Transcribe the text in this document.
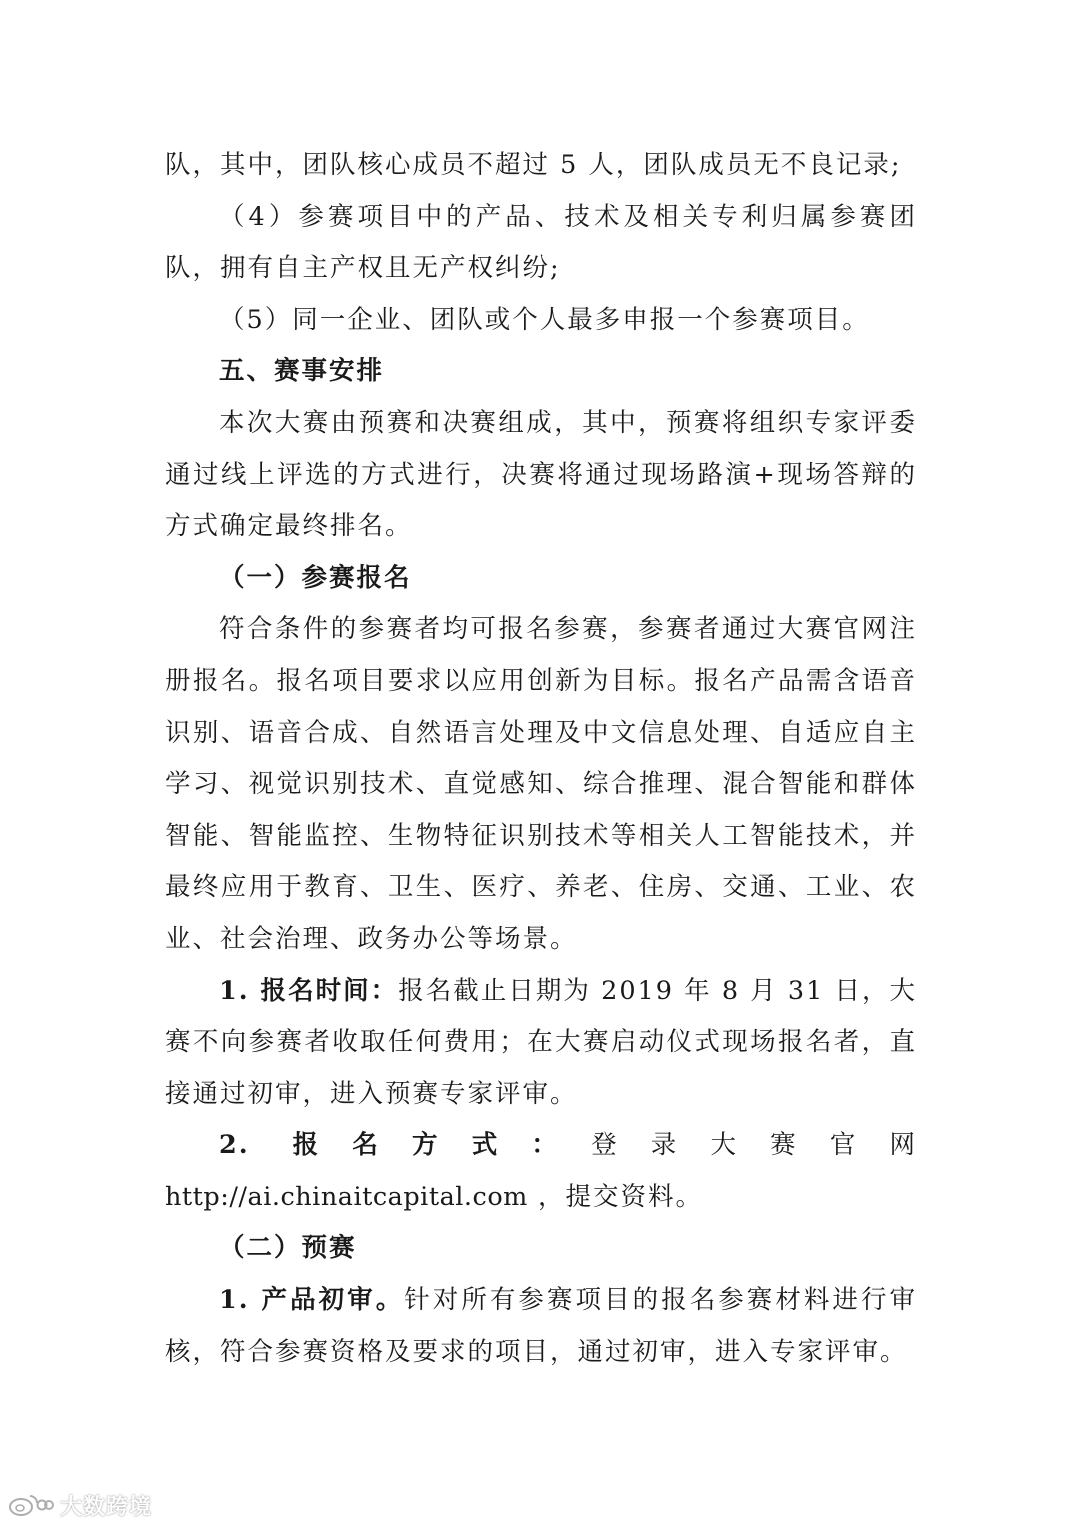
队，其中，团队核心成员不超过 5 人，团队成员无不良记录;

（4）参赛项目中的产品、技术及相关专利归属参赛团队，拥有自主产权且无产权纠纷;

（5）同一企业、团队或个人最多申报一个参赛项目。

五、赛事安排

本次大赛由预赛和决赛组成，其中，预赛将组织专家评委通过线上评选的方式进行，决赛将通过现场路演+现场答辩的方式确定最终排名。

（一）参赛报名

符合条件的参赛者均可报名参赛，参赛者通过大赛官网注册报名。报名项目要求以应用创新为目标。报名产品需含语音识别、语音合成、自然语言处理及中文信息处理、自适应自主学习、视觉识别技术、直觉感知、综合推理、混合智能和群体智能、智能监控、生物特征识别技术等相关人工智能技术，并最终应用于教育、卫生、医疗、养老、住房、交通、工业、农业、社会治理、政务办公等场景。

1. 报名时间：报名截止日期为 2019 年 8 月 31 日，大赛不向参赛者收取任何费用；在大赛启动仪式现场报名者，直接通过初审，进入预赛专家评审。

2. 报名方式：登录大赛官网 http://ai.chinaitcapital.com ，提交资料。

（二）预赛

1. 产品初审。针对所有参赛项目的报名参赛材料进行审核，符合参赛资格及要求的项目，通过初审，进入专家评审。

大数跨境
